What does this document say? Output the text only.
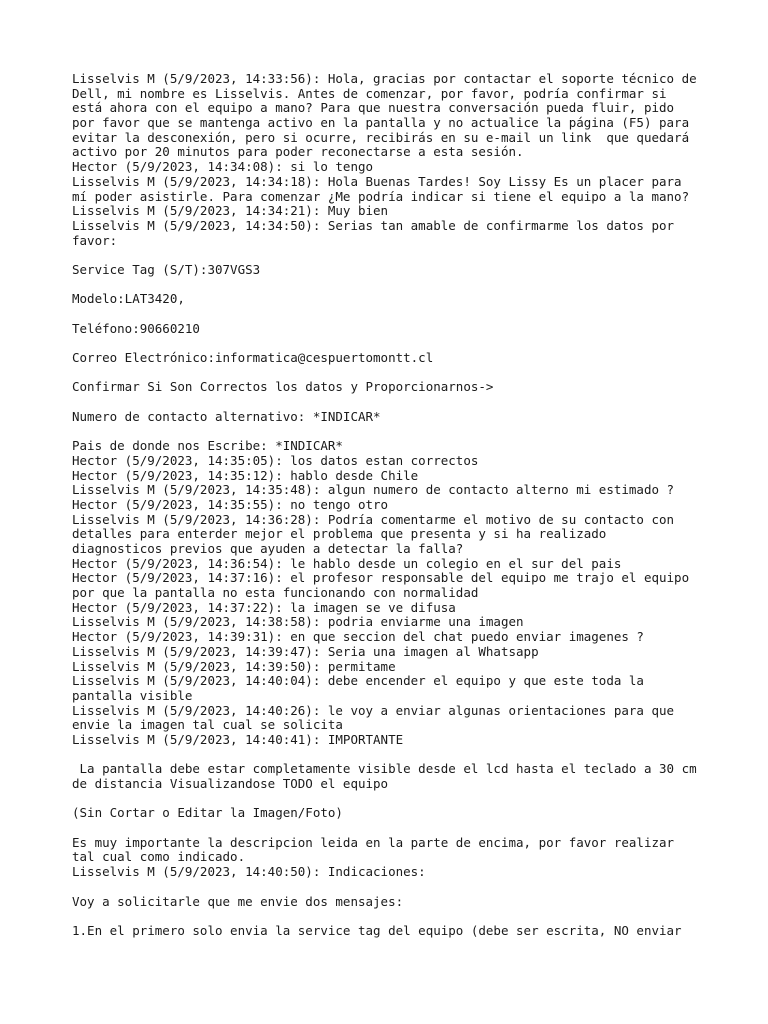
Lisselvis M (5/9/2023, 14:33:56): Hola, gracias por contactar el soporte técnico de
Dell, mi nombre es Lisselvis. Antes de comenzar, por favor, podría confirmar si
está ahora con el equipo a mano? Para que nuestra conversación pueda fluir, pido
por favor que se mantenga activo en la pantalla y no actualice la página (F5) para
evitar la desconexión, pero si ocurre, recibirás en su e-mail un link  que quedará
activo por 20 minutos para poder reconectarse a esta sesión.
Hector (5/9/2023, 14:34:08): si lo tengo
Lisselvis M (5/9/2023, 14:34:18): Hola Buenas Tardes! Soy Lissy Es un placer para
mí poder asistirle. Para comenzar ¿Me podría indicar si tiene el equipo a la mano?
Lisselvis M (5/9/2023, 14:34:21): Muy bien
Lisselvis M (5/9/2023, 14:34:50): Serias tan amable de confirmarme los datos por
favor:
Service Tag (S/T):307VGS3
Modelo:LAT3420,
Teléfono:90660210
Correo Electrónico:informatica@cespuertomontt.cl
Confirmar Si Son Correctos los datos y Proporcionarnos->
Numero de contacto alternativo: *INDICAR*
Pais de donde nos Escribe: *INDICAR*
Hector (5/9/2023, 14:35:05): los datos estan correctos
Hector (5/9/2023, 14:35:12): hablo desde Chile
Lisselvis M (5/9/2023, 14:35:48): algun numero de contacto alterno mi estimado ?
Hector (5/9/2023, 14:35:55): no tengo otro
Lisselvis M (5/9/2023, 14:36:28): Podría comentarme el motivo de su contacto con
detalles para enterder mejor el problema que presenta y si ha realizado
diagnosticos previos que ayuden a detectar la falla?
Hector (5/9/2023, 14:36:54): le hablo desde un colegio en el sur del pais
Hector (5/9/2023, 14:37:16): el profesor responsable del equipo me trajo el equipo
por que la pantalla no esta funcionando con normalidad
Hector (5/9/2023, 14:37:22): la imagen se ve difusa
Lisselvis M (5/9/2023, 14:38:58): podria enviarme una imagen
Hector (5/9/2023, 14:39:31): en que seccion del chat puedo enviar imagenes ?
Lisselvis M (5/9/2023, 14:39:47): Seria una imagen al Whatsapp
Lisselvis M (5/9/2023, 14:39:50): permitame
Lisselvis M (5/9/2023, 14:40:04): debe encender el equipo y que este toda la
pantalla visible
Lisselvis M (5/9/2023, 14:40:26): le voy a enviar algunas orientaciones para que
envie la imagen tal cual se solicita
Lisselvis M (5/9/2023, 14:40:41): IMPORTANTE
La pantalla debe estar completamente visible desde el lcd hasta el teclado a 30 cm
de distancia Visualizandose TODO el equipo
(Sin Cortar o Editar la Imagen/Foto)
Es muy importante la descripcion leida en la parte de encima, por favor realizar
tal cual como indicado.
Lisselvis M (5/9/2023, 14:40:50): Indicaciones:
Voy a solicitarle que me envie dos mensajes:
1.En el primero solo envia la service tag del equipo (debe ser escrita, NO enviar
